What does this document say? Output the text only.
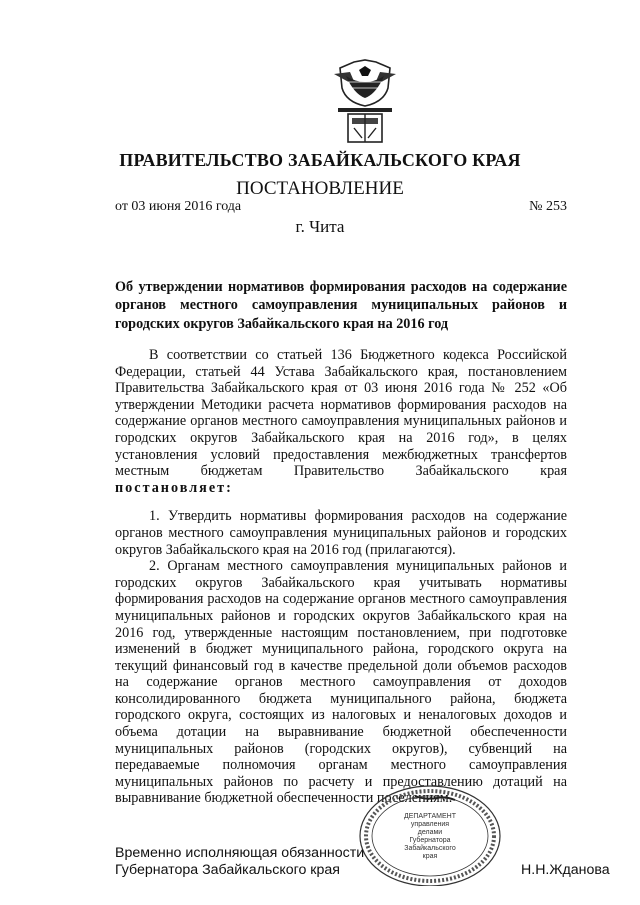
ПРАВИТЕЛЬСТВО ЗАБАЙКАЛЬСКОГО КРАЯ
ПОСТАНОВЛЕНИЕ
от 03 июня 2016 года	№ 253
г. Чита
Об утверждении нормативов формирования расходов на содержание органов местного самоуправления муниципальных районов и городских округов Забайкальского края на 2016 год

В соответствии со статьей 136 Бюджетного кодекса Российской Федерации, статьей 44 Устава Забайкальского края, постановлением Правительства Забайкальского края от 03 июня 2016 года № 252 «Об утверждении Методики расчета нормативов формирования расходов на содержание органов местного самоуправления муниципальных районов и городских округов Забайкальского края на 2016 год», в целях установления условий предоставления межбюджетных трансфертов местным бюджетам Правительство Забайкальского края постановляет:

1. Утвердить нормативы формирования расходов на содержание органов местного самоуправления муниципальных районов и городских округов Забайкальского края на 2016 год (прилагаются).

2. Органам местного самоуправления муниципальных районов и городских округов Забайкальского края учитывать нормативы формирования расходов на содержание органов местного самоуправления муниципальных районов и городских округов Забайкальского края на 2016 год, утвержденные настоящим постановлением, при подготовке изменений в бюджет муниципального района, городского округа на текущий финансовый год в качестве предельной доли объемов расходов на содержание органов местного самоуправления от доходов консолидированного бюджета муниципального района, бюджета городского округа, состоящих из налоговых и неналоговых доходов и объема дотации на выравнивание бюджетной обеспеченности муниципальных районов (городских округов), субвенций на передаваемые полномочия органам местного самоуправления муниципальных районов по расчету и предоставлению дотаций на выравнивание бюджетной обеспеченности поселениям.

ДЕПАРТАМЕНТ
управления
делами
Губернатора
Забайкальского
края
Временно исполняющая обязанности
Губернатора Забайкальского края	Н.Н.Жданова
